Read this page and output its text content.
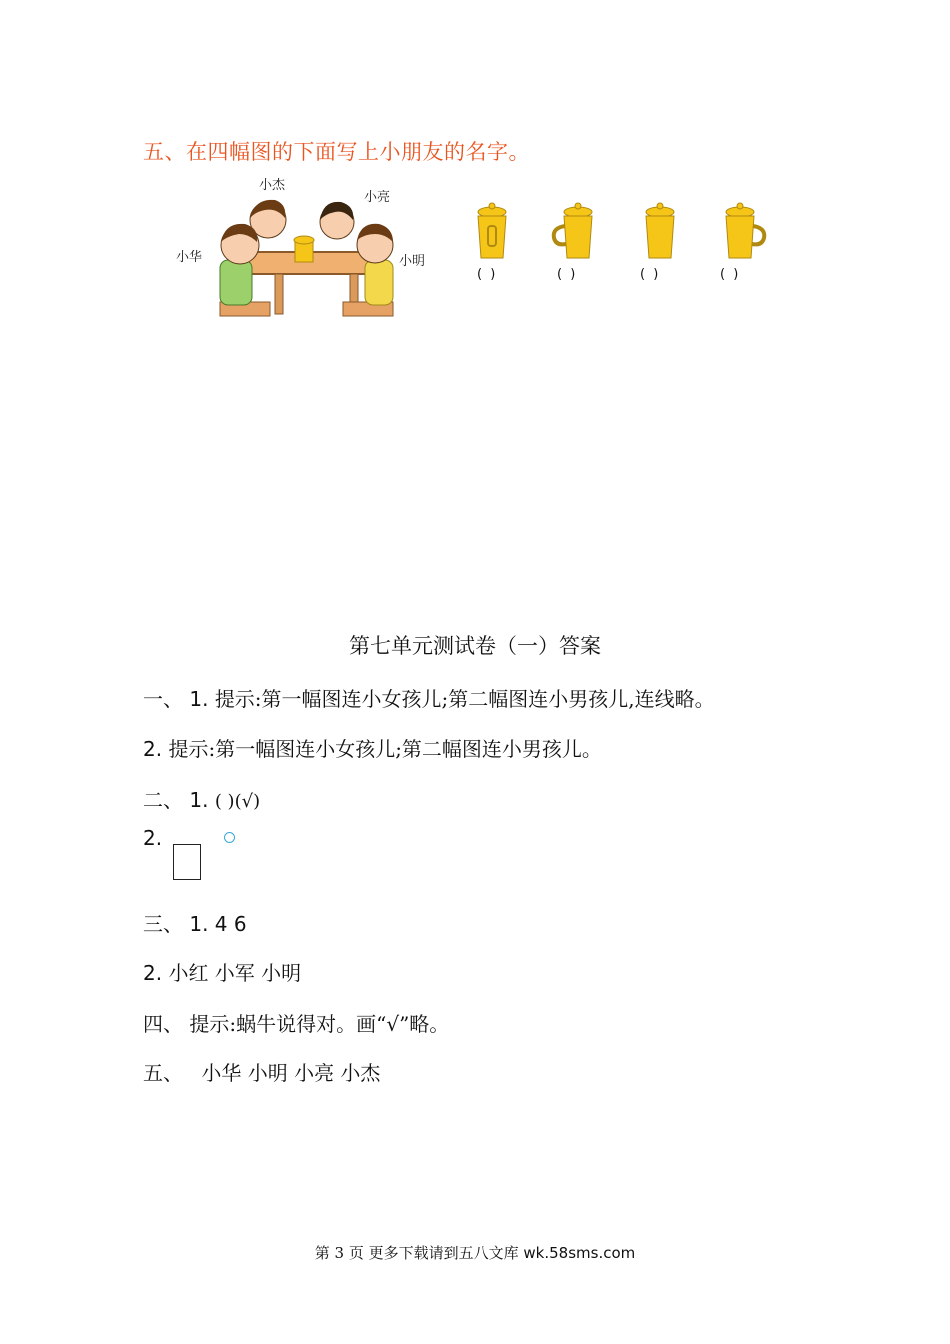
五、在四幅图的下面写上小朋友的名字。
小杰
小亮
小华	小明
( )	( )	( )	( )
第七单元测试卷（一）答案
一、 1. 提示:第一幅图连小女孩儿;第二幅图连小男孩儿,连线略。
2. 提示:第一幅图连小女孩儿;第二幅图连小男孩儿。
二、 1. ( )(√)
2.
三、 1. 4 6
2. 小红 小军 小明
四、 提示:蜗牛说得对。画“√”略。
五、 小华 小明 小亮 小杰
第 3 页 更多下载请到五八文库 wk.58sms.com
